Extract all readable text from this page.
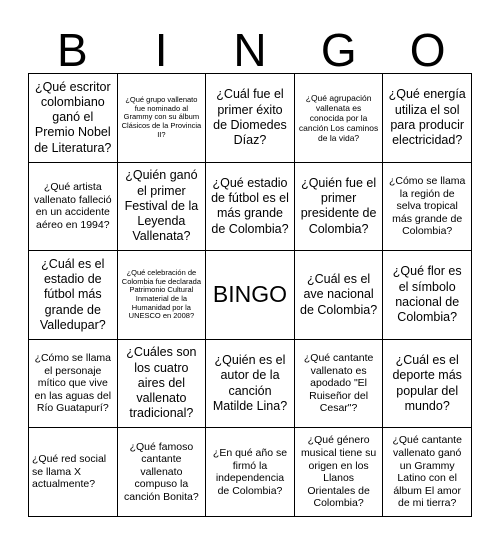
B	I	N	G	O
¿Qué escritor colombiano ganó el Premio Nobel de Literatura?
¿Qué grupo vallenato fue nominado al Grammy con su álbum Clásicos de la Provincia II?
¿Cuál fue el primer éxito de Diomedes Díaz?
¿Qué agrupación vallenata es conocida por la canción Los caminos de la vida?
¿Qué energía utiliza el sol para producir electricidad?
¿Qué artista vallenato falleció en un accidente aéreo en 1994?
¿Quién ganó el primer Festival de la Leyenda Vallenata?
¿Qué estadio de fútbol es el más grande de Colombia?
¿Quién fue el primer presidente de Colombia?
¿Cómo se llama la región de selva tropical más grande de Colombia?
¿Cuál es el estadio de fútbol más grande de Valledupar?
¿Qué celebración de Colombia fue declarada Patrimonio Cultural Inmaterial de la Humanidad por la UNESCO en 2008?
BINGO
¿Cuál es el ave nacional de Colombia?
¿Qué flor es el símbolo nacional de Colombia?
¿Cómo se llama el personaje mítico que vive en las aguas del Río Guatapurí?
¿Cuáles son los cuatro aires del vallenato tradicional?
¿Quién es el autor de la canción Matilde Lina?
¿Qué cantante vallenato es apodado "El Ruiseñor del Cesar"?
¿Cuál es el deporte más popular del mundo?
¿Qué red social se llama X actualmente?
¿Qué famoso cantante vallenato compuso la canción Bonita?
¿En qué año se firmó la independencia de Colombia?
¿Qué género musical tiene su origen en los Llanos Orientales de Colombia?
¿Qué cantante vallenato ganó un Grammy Latino con el álbum El amor de mi tierra?
